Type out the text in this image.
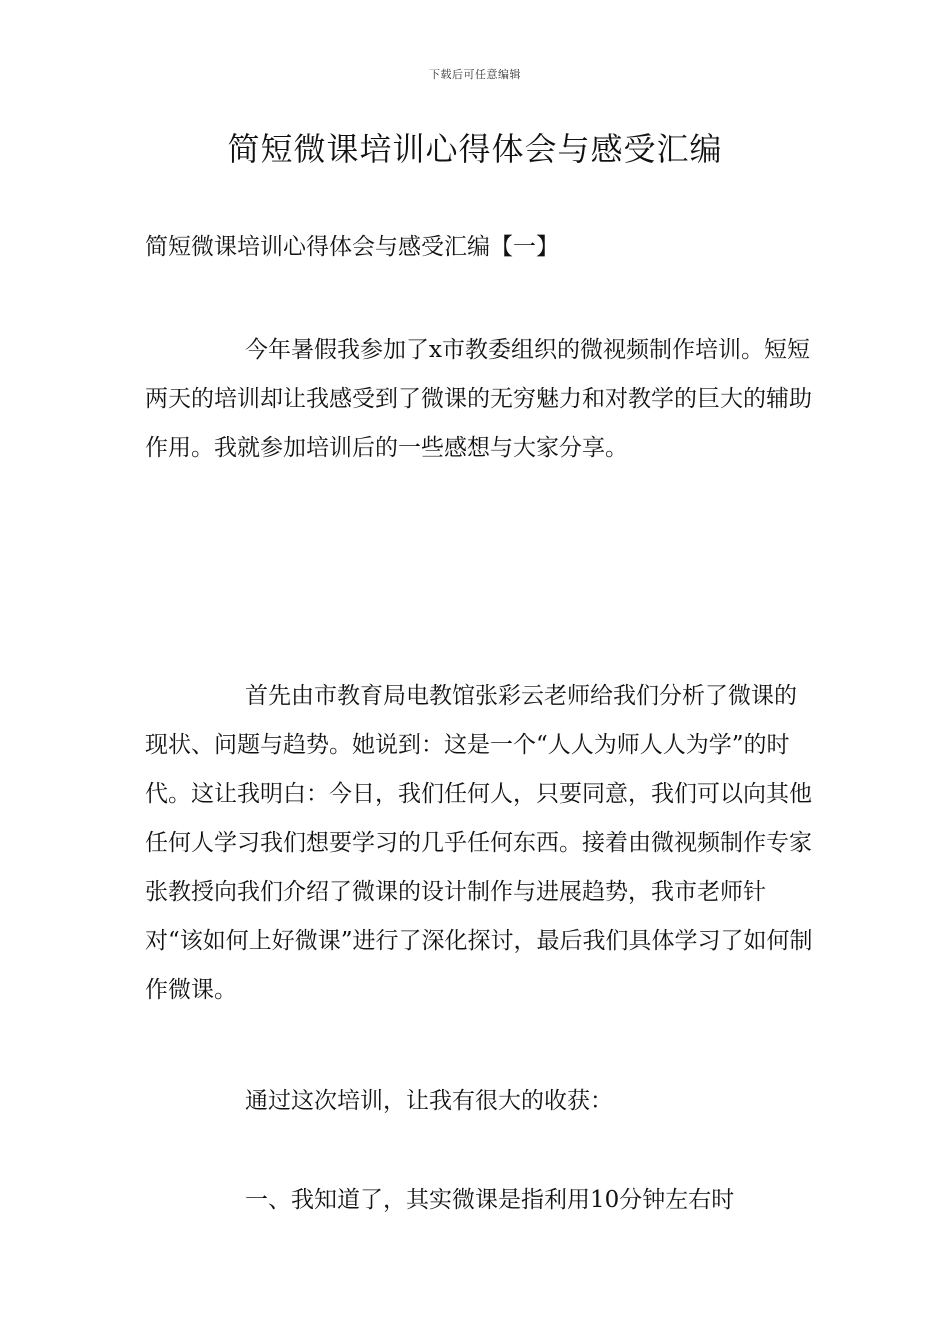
下载后可任意编辑
简短微课培训心得体会与感受汇编
简短微课培训心得体会与感受汇编【一】

今年暑假我参加了x市教委组织的微视频制作培训。短短两天的培训却让我感受到了微课的无穷魅力和对教学的巨大的辅助作用。我就参加培训后的一些感想与大家分享。

首先由市教育局电教馆张彩云老师给我们分析了微课的现状、问题与趋势。她说到：这是一个“人人为师人人为学”的时代。这让我明白：今日，我们任何人，只要同意，我们可以向其他任何人学习我们想要学习的几乎任何东西。接着由微视频制作专家张教授向我们介绍了微课的设计制作与进展趋势，我市老师针对“该如何上好微课”进行了深化探讨，最后我们具体学习了如何制作微课。

通过这次培训，让我有很大的收获：

一、我知道了，其实微课是指利用10分钟左右时
